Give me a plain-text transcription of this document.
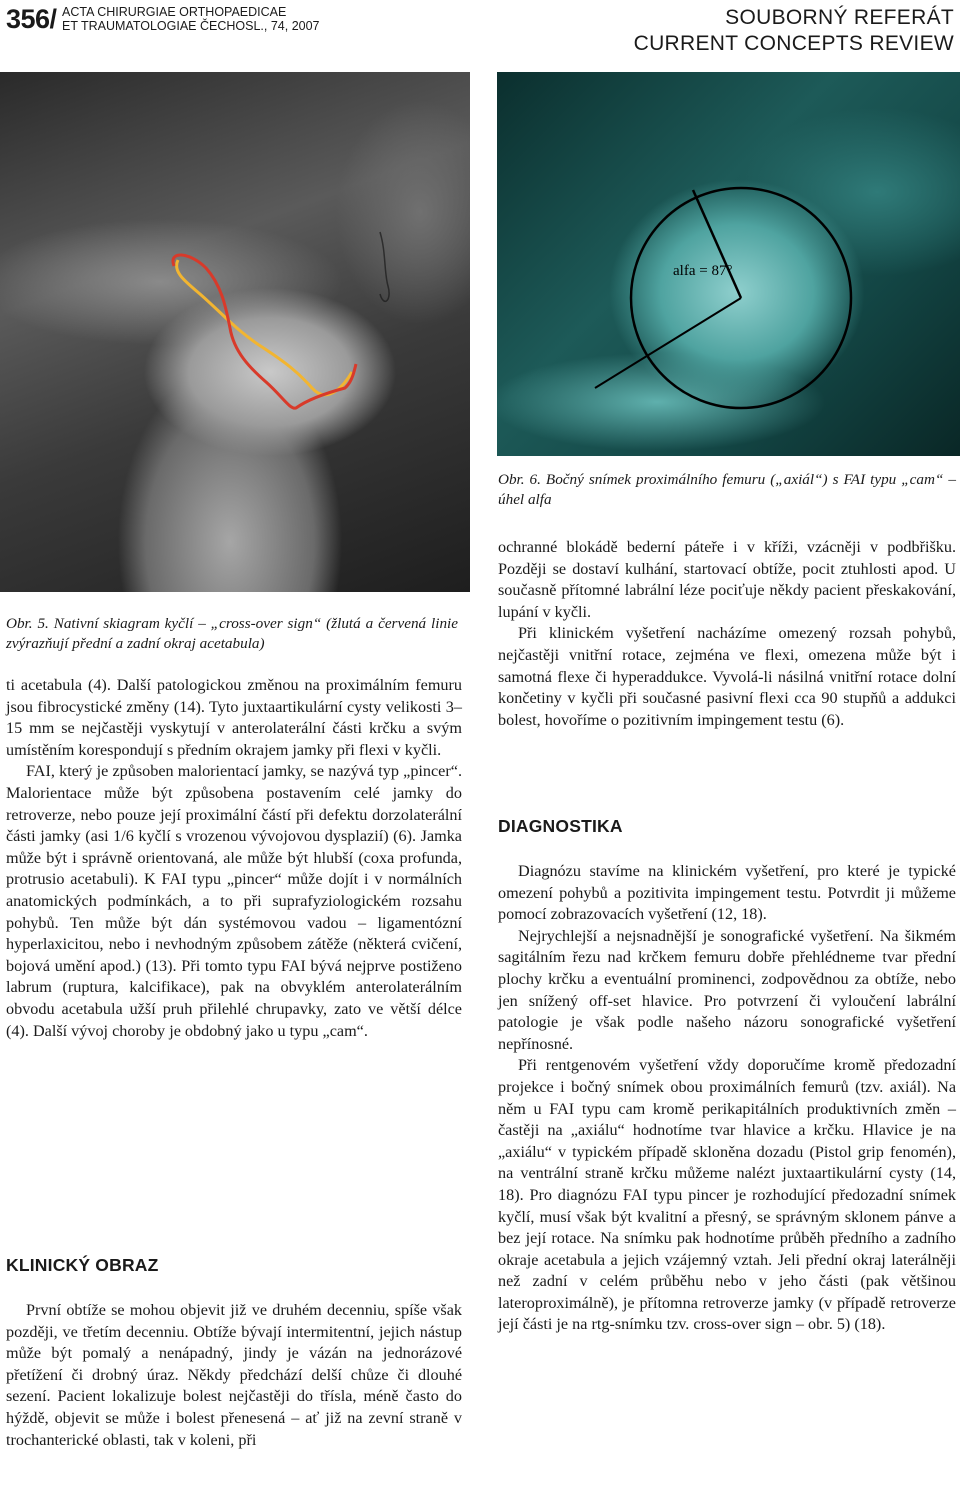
356/ ACTA CHIRURGIAE ORTHOPAEDICAE
ET TRAUMATOLOGIAE ČECHOSL., 74, 2007	SOUBORNÝ REFERÁT
CURRENT CONCEPTS REVIEW
alfa = 87°
Obr. 5. Nativní skiagram kyčlí – „cross-over sign“ (žlutá a červená linie zvýrazňují přední a zadní okraj acetabula)
Obr. 6. Bočný snímek proximálního femuru („axiál“) s FAI typu „cam“ – úhel alfa

ti acetabula (4). Další patologickou změnou na proximálním femuru jsou fibrocystické změny (14). Tyto juxtaartikulární cysty velikosti 3–15 mm se nejčastěji vyskytují v anterolaterální části krčku a svým umístěním korespondují s předním okrajem jamky při flexi v kyčli.

FAI, který je způsoben malorientací jamky, se nazývá typ „pincer“. Malorientace může být způsobena postavením celé jamky do retroverze, nebo pouze její proximální částí při defektu dorzolaterální části jamky (asi 1/6 kyčlí s vrozenou vývojovou dysplazií) (6). Jamka může být i správně orientovaná, ale může být hlubší (coxa profunda, protrusio acetabuli). K FAI typu „pincer“ může dojít i v normálních anatomických podmínkách, a to při suprafyziologickém rozsahu pohybů. Ten může být dán systémovou vadou – ligamentózní hyperlaxicitou, nebo i nevhodným způsobem zátěže (některá cvičení, bojová umění apod.) (13). Při tomto typu FAI bývá nejprve postiženo labrum (ruptura, kalcifikace), pak na obvyklém anterolaterálním obvodu acetabula užší pruh přilehlé chrupavky, zato ve větší délce (4). Další vývoj choroby je obdobný jako u typu „cam“.

KLINICKÝ OBRAZ

První obtíže se mohou objevit již ve druhém decenniu, spíše však později, ve třetím decenniu. Obtíže bývají intermitentní, jejich nástup může být pomalý a nenápadný, jindy je vázán na jednorázové přetížení či drobný úraz. Někdy předchází delší chůze či dlouhé sezení. Pacient lokalizuje bolest nejčastěji do třísla, méně často do hýždě, objevit se může i bolest přenesená – ať již na zevní straně v trochanterické oblasti, tak v koleni, při

ochranné blokádě bederní páteře i v kříži, vzácněji v podbřišku. Později se dostaví kulhání, startovací obtíže, pocit ztuhlosti apod. U současně přítomné labrální léze pociťuje někdy pacient přeskakování, lupání v kyčli.

Při klinickém vyšetření nacházíme omezený rozsah pohybů, nejčastěji vnitřní rotace, zejména ve flexi, omezena může být i samotná flexe či hyperaddukce. Vyvolá-li násilná vnitřní rotace dolní končetiny v kyčli při současné pasivní flexi cca 90 stupňů a addukci bolest, hovoříme o pozitivním impingement testu (6).

DIAGNOSTIKA

Diagnózu stavíme na klinickém vyšetření, pro které je typické omezení pohybů a pozitivita impingement testu. Potvrdit ji můžeme pomocí zobrazovacích vyšetření (12, 18).

Nejrychlejší a nejsnadnější je sonografické vyšetření. Na šikmém sagitálním řezu nad krčkem femuru dobře přehlédneme tvar přední plochy krčku a eventuální prominenci, zodpovědnou za obtíže, nebo jen snížený off-set hlavice. Pro potvrzení či vyloučení labrální patologie je však podle našeho názoru sonografické vyšetření nepřínosné.

Při rentgenovém vyšetření vždy doporučíme kromě předozadní projekce i bočný snímek obou proximálních femurů (tzv. axiál). Na něm u FAI typu cam kromě perikapitálních produktivních změn – častěji na „axiálu“ hodnotíme tvar hlavice a krčku. Hlavice je na „axiálu“ v typickém případě skloněna dozadu (Pistol grip fenomén), na ventrální straně krčku můžeme nalézt juxtaartikulární cysty (14, 18). Pro diagnózu FAI typu pincer je rozhodující předozadní snímek kyčlí, musí však být kvalitní a přesný, se správným sklonem pánve a bez její rotace. Na snímku pak hodnotíme průběh předního a zadního okraje acetabula a jejich vzájemný vztah. Jeli přední okraj laterálněji než zadní v celém průběhu nebo v jeho části (pak většinou lateroproximálně), je přítomna retroverze jamky (v případě retroverze její části je na rtg-snímku tzv. cross-over sign – obr. 5) (18).
